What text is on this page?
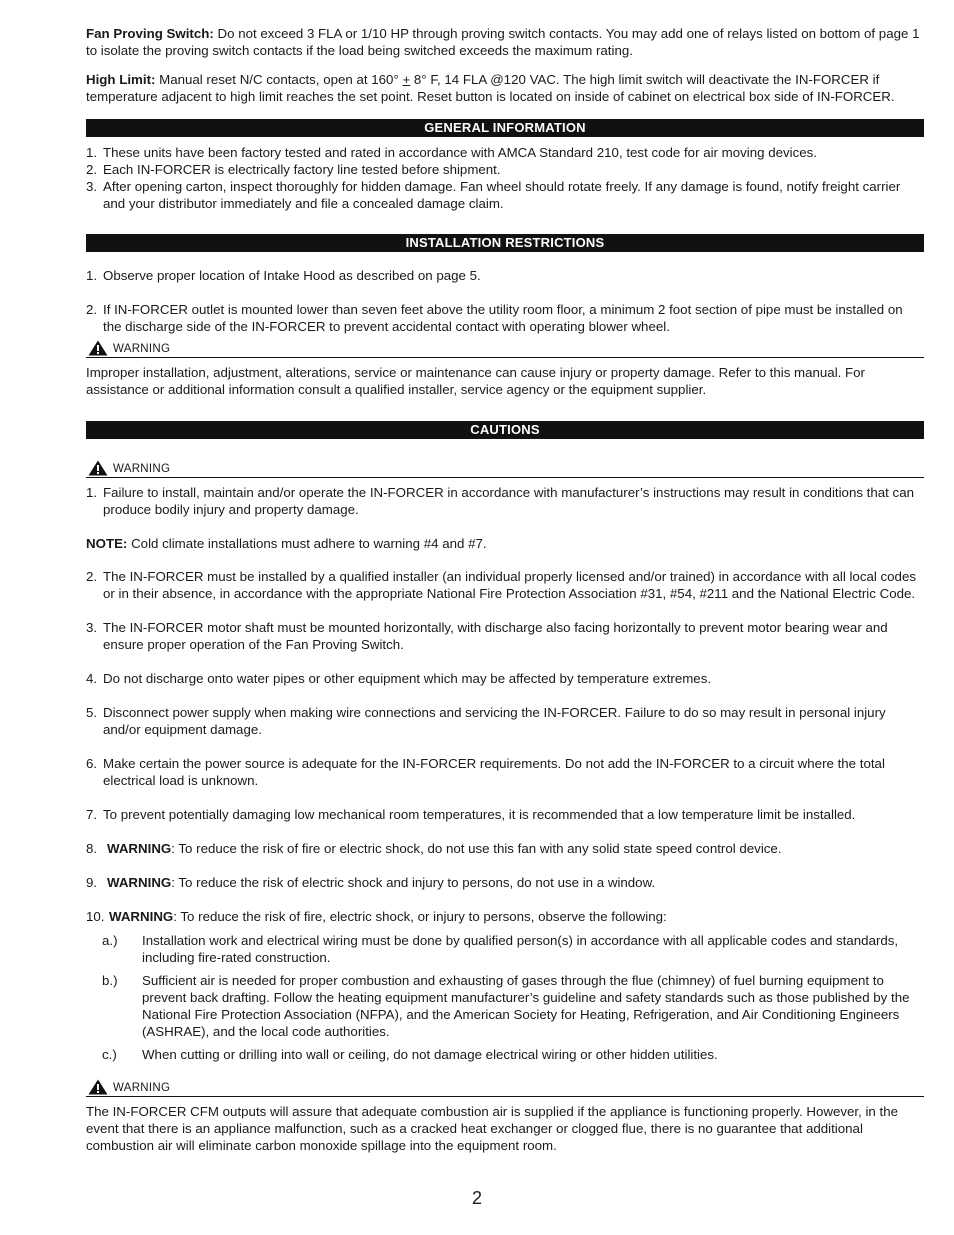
Fan Proving Switch: Do not exceed 3 FLA or 1/10 HP through proving switch contacts. You may add one of relays listed on bottom of page 1 to isolate the proving switch contacts if the load being switched exceeds the maximum rating.

High Limit: Manual reset N/C contacts, open at 160° + 8° F, 14 FLA @120 VAC. The high limit switch will deactivate the IN-FORCER if temperature adjacent to high limit reaches the set point. Reset button is located on inside of cabinet on electrical box side of IN-FORCER.

GENERAL INFORMATION
1. These units have been factory tested and rated in accordance with AMCA Standard 210, test code for air moving devices.
2. Each IN-FORCER is electrically factory line tested before shipment.
3. After opening carton, inspect thoroughly for hidden damage. Fan wheel should rotate freely. If any damage is found, notify freight carrier and your distributor immediately and file a concealed damage claim.
INSTALLATION RESTRICTIONS
1. Observe proper location of Intake Hood as described on page 5.
2. If IN-FORCER outlet is mounted lower than seven feet above the utility room floor, a minimum 2 foot section of pipe must be installed on the discharge side of the IN-FORCER to prevent accidental contact with operating blower wheel.
WARNING

Improper installation, adjustment, alterations, service or maintenance can cause injury or property damage. Refer to this manual. For assistance or additional information consult a qualified installer, service agency or the equipment supplier.

CAUTIONS
WARNING
1. Failure to install, maintain and/or operate the IN-FORCER in accordance with manufacturer’s instructions may result in conditions that can produce bodily injury and property damage.

NOTE: Cold climate installations must adhere to warning #4 and #7.

2. The IN-FORCER must be installed by a qualified installer (an individual properly licensed and/or trained) in accordance with all local codes or in their absence, in accordance with the appropriate National Fire Protection Association #31, #54, #211 and the National Electric Code.
3. The IN-FORCER motor shaft must be mounted horizontally, with discharge also facing horizontally to prevent motor bearing wear and ensure proper operation of the Fan Proving Switch.
4. Do not discharge onto water pipes or other equipment which may be affected by temperature extremes.
5. Disconnect power supply when making wire connections and servicing the IN-FORCER. Failure to do so may result in personal injury and/or equipment damage.
6. Make certain the power source is adequate for the IN-FORCER requirements. Do not add the IN-FORCER to a circuit where the total electrical load is unknown.
7. To prevent potentially damaging low mechanical room temperatures, it is recommended that a low temperature limit be installed.
8. WARNING: To reduce the risk of fire or electric shock, do not use this fan with any solid state speed control device.
9. WARNING: To reduce the risk of electric shock and injury to persons, do not use in a window.
10. WARNING: To reduce the risk of fire, electric shock, or injury to persons, observe the following:
a.) Installation work and electrical wiring must be done by qualified person(s) in accordance with all applicable codes and standards, including fire-rated construction.
b.) Sufficient air is needed for proper combustion and exhausting of gases through the flue (chimney) of fuel burning equipment to prevent back drafting. Follow the heating equipment manufacturer’s guideline and safety standards such as those published by the National Fire Protection Association (NFPA), and the American Society for Heating, Refrigeration, and Air Conditioning Engineers (ASHRAE), and the local code authorities.
c.) When cutting or drilling into wall or ceiling, do not damage electrical wiring or other hidden utilities.
WARNING

The IN-FORCER CFM outputs will assure that adequate combustion air is supplied if the appliance is functioning properly. However, in the event that there is an appliance malfunction, such as a cracked heat exchanger or clogged flue, there is no guarantee that additional combustion air will eliminate carbon monoxide spillage into the equipment room.

2
